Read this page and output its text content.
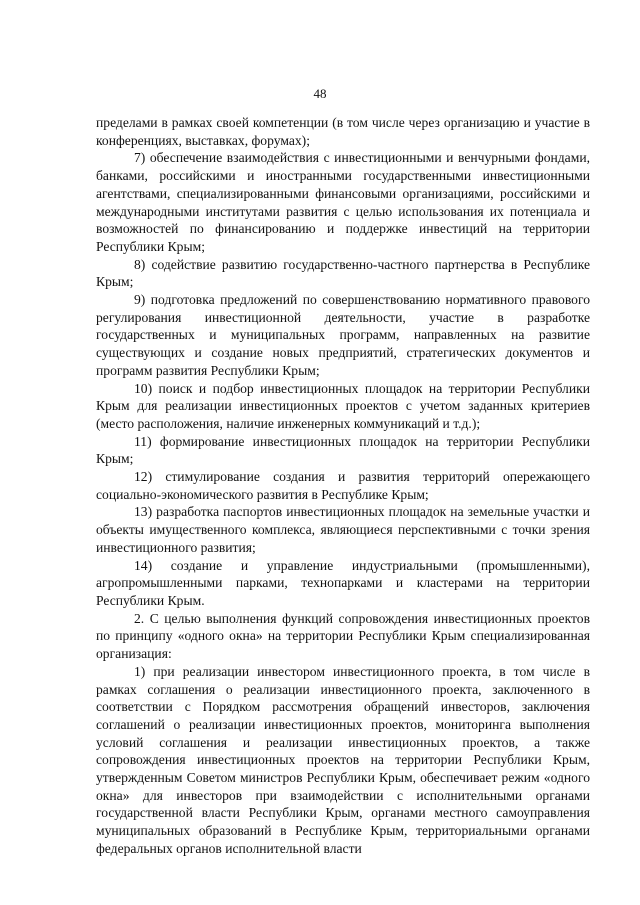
48

пределами в рамках своей компетенции (в том числе через организацию и участие в конференциях, выставках, форумах);

7) обеспечение взаимодействия с инвестиционными и венчурными фондами, банками, российскими и иностранными государственными инвестиционными агентствами, специализированными финансовыми организациями, российскими и международными институтами развития с целью использования их потенциала и возможностей по финансированию и поддержке инвестиций на территории Республики Крым;

8) содействие развитию государственно-частного партнерства в Республике Крым;

9) подготовка предложений по совершенствованию нормативного правового регулирования инвестиционной деятельности, участие в разработке государственных и муниципальных программ, направленных на развитие существующих и создание новых предприятий, стратегических документов и программ развития Республики Крым;

10) поиск и подбор инвестиционных площадок на территории Республики Крым для реализации инвестиционных проектов с учетом заданных критериев (место расположения, наличие инженерных коммуникаций и т.д.);

11) формирование инвестиционных площадок на территории Республики Крым;

12) стимулирование создания и развития территорий опережающего социально-экономического развития в Республике Крым;

13) разработка паспортов инвестиционных площадок на земельные участки и объекты имущественного комплекса, являющиеся перспективными с точки зрения инвестиционного развития;

14) создание и управление индустриальными (промышленными), агропромышленными парками, технопарками и кластерами на территории Республики Крым.

2. С целью выполнения функций сопровождения инвестиционных проектов по принципу «одного окна» на территории Республики Крым специализированная организация:

1) при реализации инвестором инвестиционного проекта, в том числе в рамках соглашения о реализации инвестиционного проекта, заключенного в соответствии с Порядком рассмотрения обращений инвесторов, заключения соглашений о реализации инвестиционных проектов, мониторинга выполнения условий соглашения и реализации инвестиционных проектов, а также сопровождения инвестиционных проектов на территории Республики Крым, утвержденным Советом министров Республики Крым, обеспечивает режим «одного окна» для инвесторов при взаимодействии с исполнительными органами государственной власти Республики Крым, органами местного самоуправления муниципальных образований в Республике Крым, территориальными органами федеральных органов исполнительной власти
